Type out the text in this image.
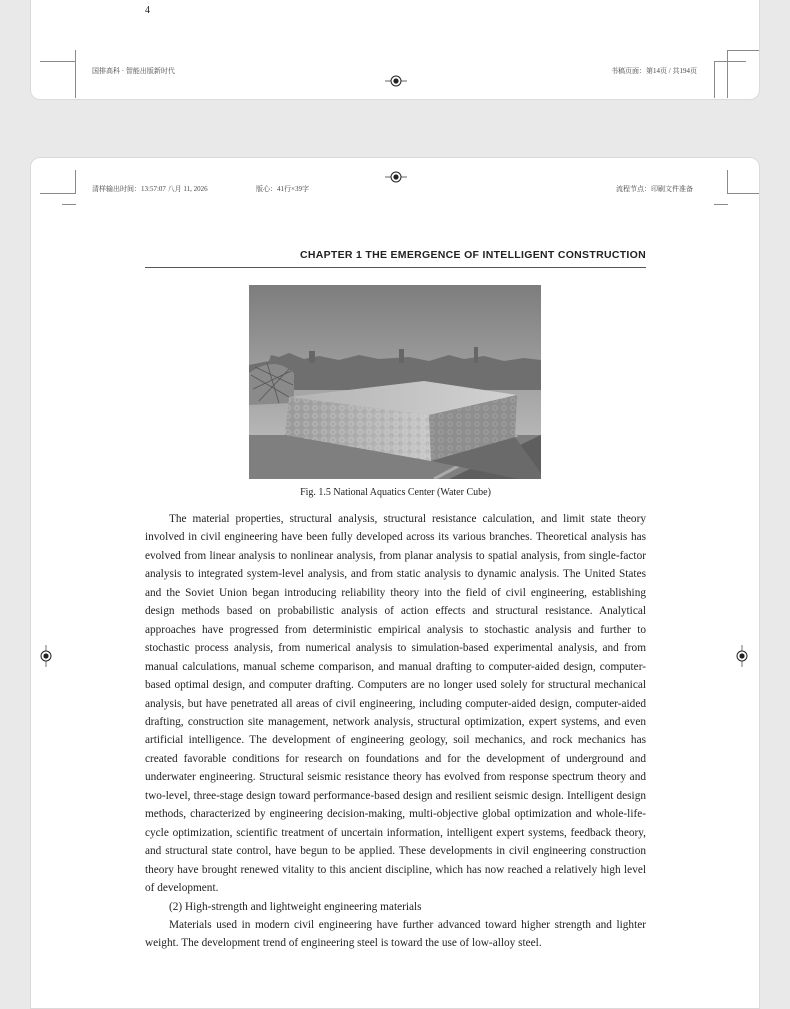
4
国排高科 · 智能出版新时代	书稿页面：第14页 / 共194页
清样输出时间：13:57:07 八月 11, 2026	版心：41行×39字	流程节点：印刷文件准备
CHAPTER 1 THE EMERGENCE OF INTELLIGENT CONSTRUCTION
Fig. 1.5 National Aquatics Center (Water Cube)

The material properties, structural analysis, structural resistance calculation, and limit state theory involved in civil engineering have been fully developed across its various branches. Theoretical analysis has evolved from linear analysis to nonlinear analysis, from planar analysis to spatial analysis, from single-factor analysis to integrated system-level analysis, and from static analysis to dynamic analysis. The United States and the Soviet Union began introducing reliability theory into the field of civil engineering, establishing design methods based on probabilistic analysis of action effects and structural resistance. Analytical approaches have progressed from deterministic empirical analysis to stochastic analysis and further to stochastic process analysis, from numerical analysis to simulation-based experimental analysis, and from manual calculations, manual scheme comparison, and manual drafting to computer-aided design, computer-based optimal design, and computer drafting. Computers are no longer used solely for structural mechanical analysis, but have penetrated all areas of civil engineering, including computer-aided design, computer-aided drafting, construction site management, network analysis, structural optimization, expert systems, and even artificial intelligence. The development of engineering geology, soil mechanics, and rock mechanics has created favorable conditions for research on foundations and for the development of underground and underwater engineering. Structural seismic resistance theory has evolved from response spectrum theory and two-level, three-stage design toward performance-based design and resilient seismic design. Intelligent design methods, characterized by engineering decision-making, multi-objective global optimization and whole-life-cycle optimization, scientific treatment of uncertain information, intelligent expert systems, feedback theory, and structural state control, have begun to be applied. These developments in civil engineering construction theory have brought renewed vitality to this ancient discipline, which has now reached a relatively high level of development.

(2) High-strength and lightweight engineering materials

Materials used in modern civil engineering have further advanced toward higher strength and lighter weight. The development trend of engineering steel is toward the use of low-alloy steel.
